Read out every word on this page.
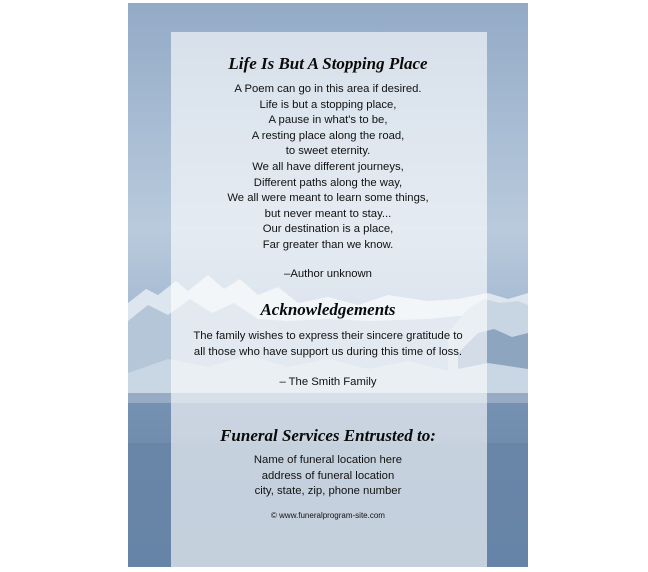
Life Is But A Stopping Place
A Poem can go in this area if desired.
Life is but a stopping place,
A pause in what's to be,
A resting place along the road,
to sweet eternity.
We all have different journeys,
Different paths along the way,
We all were meant to learn some things,
but never meant to stay...
Our destination is a place,
Far greater than we know.
–Author unknown
Acknowledgements
The family wishes to express their sincere gratitude to
all those who have support us during this time of loss.
– The Smith Family
Funeral Services Entrusted to:
Name of funeral location here
address of funeral location
city, state, zip, phone number
© www.funeralprogram-site.com
